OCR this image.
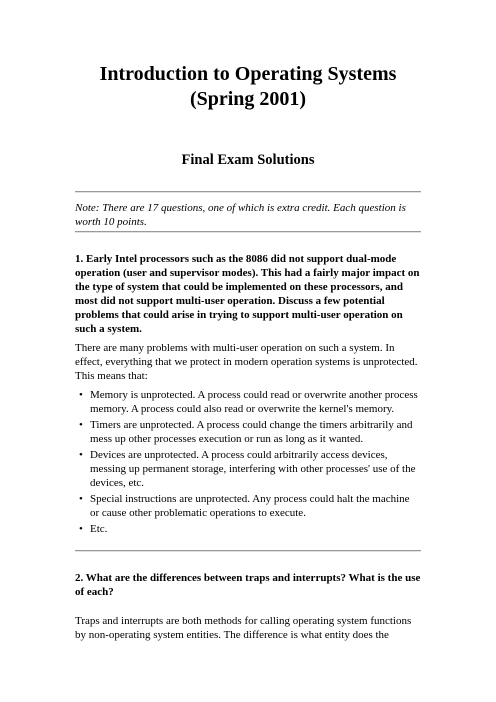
Introduction to Operating Systems
(Spring 2001)
Final Exam Solutions

Note: There are 17 questions, one of which is extra credit. Each question is worth 10 points.

1. Early Intel processors such as the 8086 did not support dual-mode operation (user and supervisor modes). This had a fairly major impact on the type of system that could be implemented on these processors, and most did not support multi-user operation. Discuss a few potential problems that could arise in trying to support multi-user operation on such a system.

There are many problems with multi-user operation on such a system. In effect, everything that we protect in modern operation systems is unprotected. This means that:

• Memory is unprotected. A process could read or overwrite another process memory. A process could also read or overwrite the kernel's memory.
• Timers are unprotected. A process could change the timers arbitrarily and mess up other processes execution or run as long as it wanted.
• Devices are unprotected. A process could arbitrarily access devices, messing up permanent storage, interfering with other processes' use of the devices, etc.
• Special instructions are unprotected. Any process could halt the machine or cause other problematic operations to execute.
• Etc.

2. What are the differences between traps and interrupts? What is the use of each?

Traps and interrupts are both methods for calling operating system functions by non-operating system entities. The difference is what entity does the
